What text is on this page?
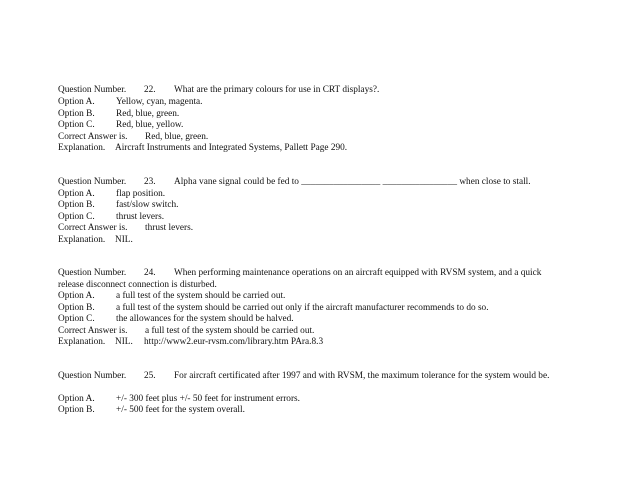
Question Number. 22. What are the primary colours for use in CRT displays?.
Option A. Yellow, cyan, magenta.
Option B. Red, blue, green.
Option C. Red, blue, yellow.
Correct Answer is. Red, blue, green.
Explanation. Aircraft Instruments and Integrated Systems, Pallett Page 290.
Question Number. 23. Alpha vane signal could be fed to _________________ ________________ when close to stall.
Option A. flap position.
Option B. fast/slow switch.
Option C. thrust levers.
Correct Answer is. thrust levers.
Explanation. NIL.
Question Number. 24. When performing maintenance operations on an aircraft equipped with RVSM system, and a quick
release disconnect connection is disturbed.
Option A. a full test of the system should be carried out.
Option B. a full test of the system should be carried out only if the aircraft manufacturer recommends to do so.
Option C. the allowances for the system should be halved.
Correct Answer is. a full test of the system should be carried out.
Explanation. NIL. http://www2.eur-rvsm.com/library.htm PAra.8.3
Question Number. 25. For aircraft certificated after 1997 and with RVSM, the maximum tolerance for the system would be.
Option A. +/- 300 feet plus +/- 50 feet for instrument errors.
Option B. +/- 500 feet for the system overall.
